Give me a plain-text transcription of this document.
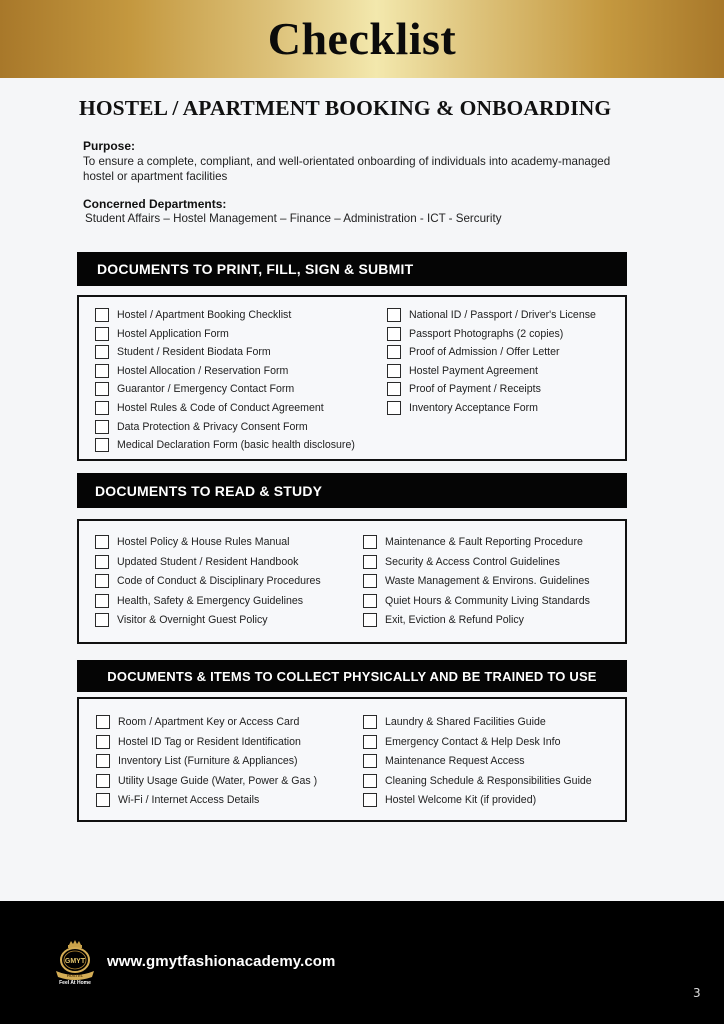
Checklist
HOSTEL / APARTMENT BOOKING & ONBOARDING
Purpose:
To ensure a complete, compliant, and well-orientated onboarding of individuals into academy-managed hostel or apartment facilities
Concerned Departments:
Student Affairs – Hostel Management – Finance – Administration - ICT - Sercurity
DOCUMENTS TO PRINT, FILL, SIGN & SUBMIT
Hostel / Apartment Booking Checklist
Hostel Application Form
Student / Resident Biodata Form
Hostel Allocation / Reservation Form
Guarantor / Emergency Contact Form
Hostel Rules & Code of Conduct Agreement
Data Protection & Privacy Consent Form
Medical Declaration Form (basic health disclosure)
National ID / Passport / Driver's License
Passport Photographs (2 copies)
Proof of Admission / Offer Letter
Hostel Payment Agreement
Proof of Payment / Receipts
Inventory Acceptance Form
DOCUMENTS TO READ & STUDY
Hostel Policy & House Rules Manual
Updated Student / Resident Handbook
Code of Conduct & Disciplinary Procedures
Health, Safety & Emergency Guidelines
Visitor & Overnight Guest Policy
Maintenance & Fault Reporting Procedure
Security & Access Control Guidelines
Waste Management & Environs. Guidelines
Quiet Hours & Community Living Standards
Exit, Eviction & Refund Policy
DOCUMENTS & ITEMS TO COLLECT PHYSICALLY AND BE TRAINED TO USE
Room / Apartment Key or Access Card
Hostel ID Tag or Resident Identification
Inventory List (Furniture & Appliances)
Utility Usage Guide (Water, Power & Gas )
Wi-Fi / Internet Access Details
Laundry & Shared Facilities Guide
Emergency Contact & Help Desk Info
Maintenance Request Access
Cleaning Schedule & Responsibilities Guide
Hostel Welcome Kit (if provided)
GMYT
HOSTEL
Feel At Home
www.gmytfashionacademy.com
3
